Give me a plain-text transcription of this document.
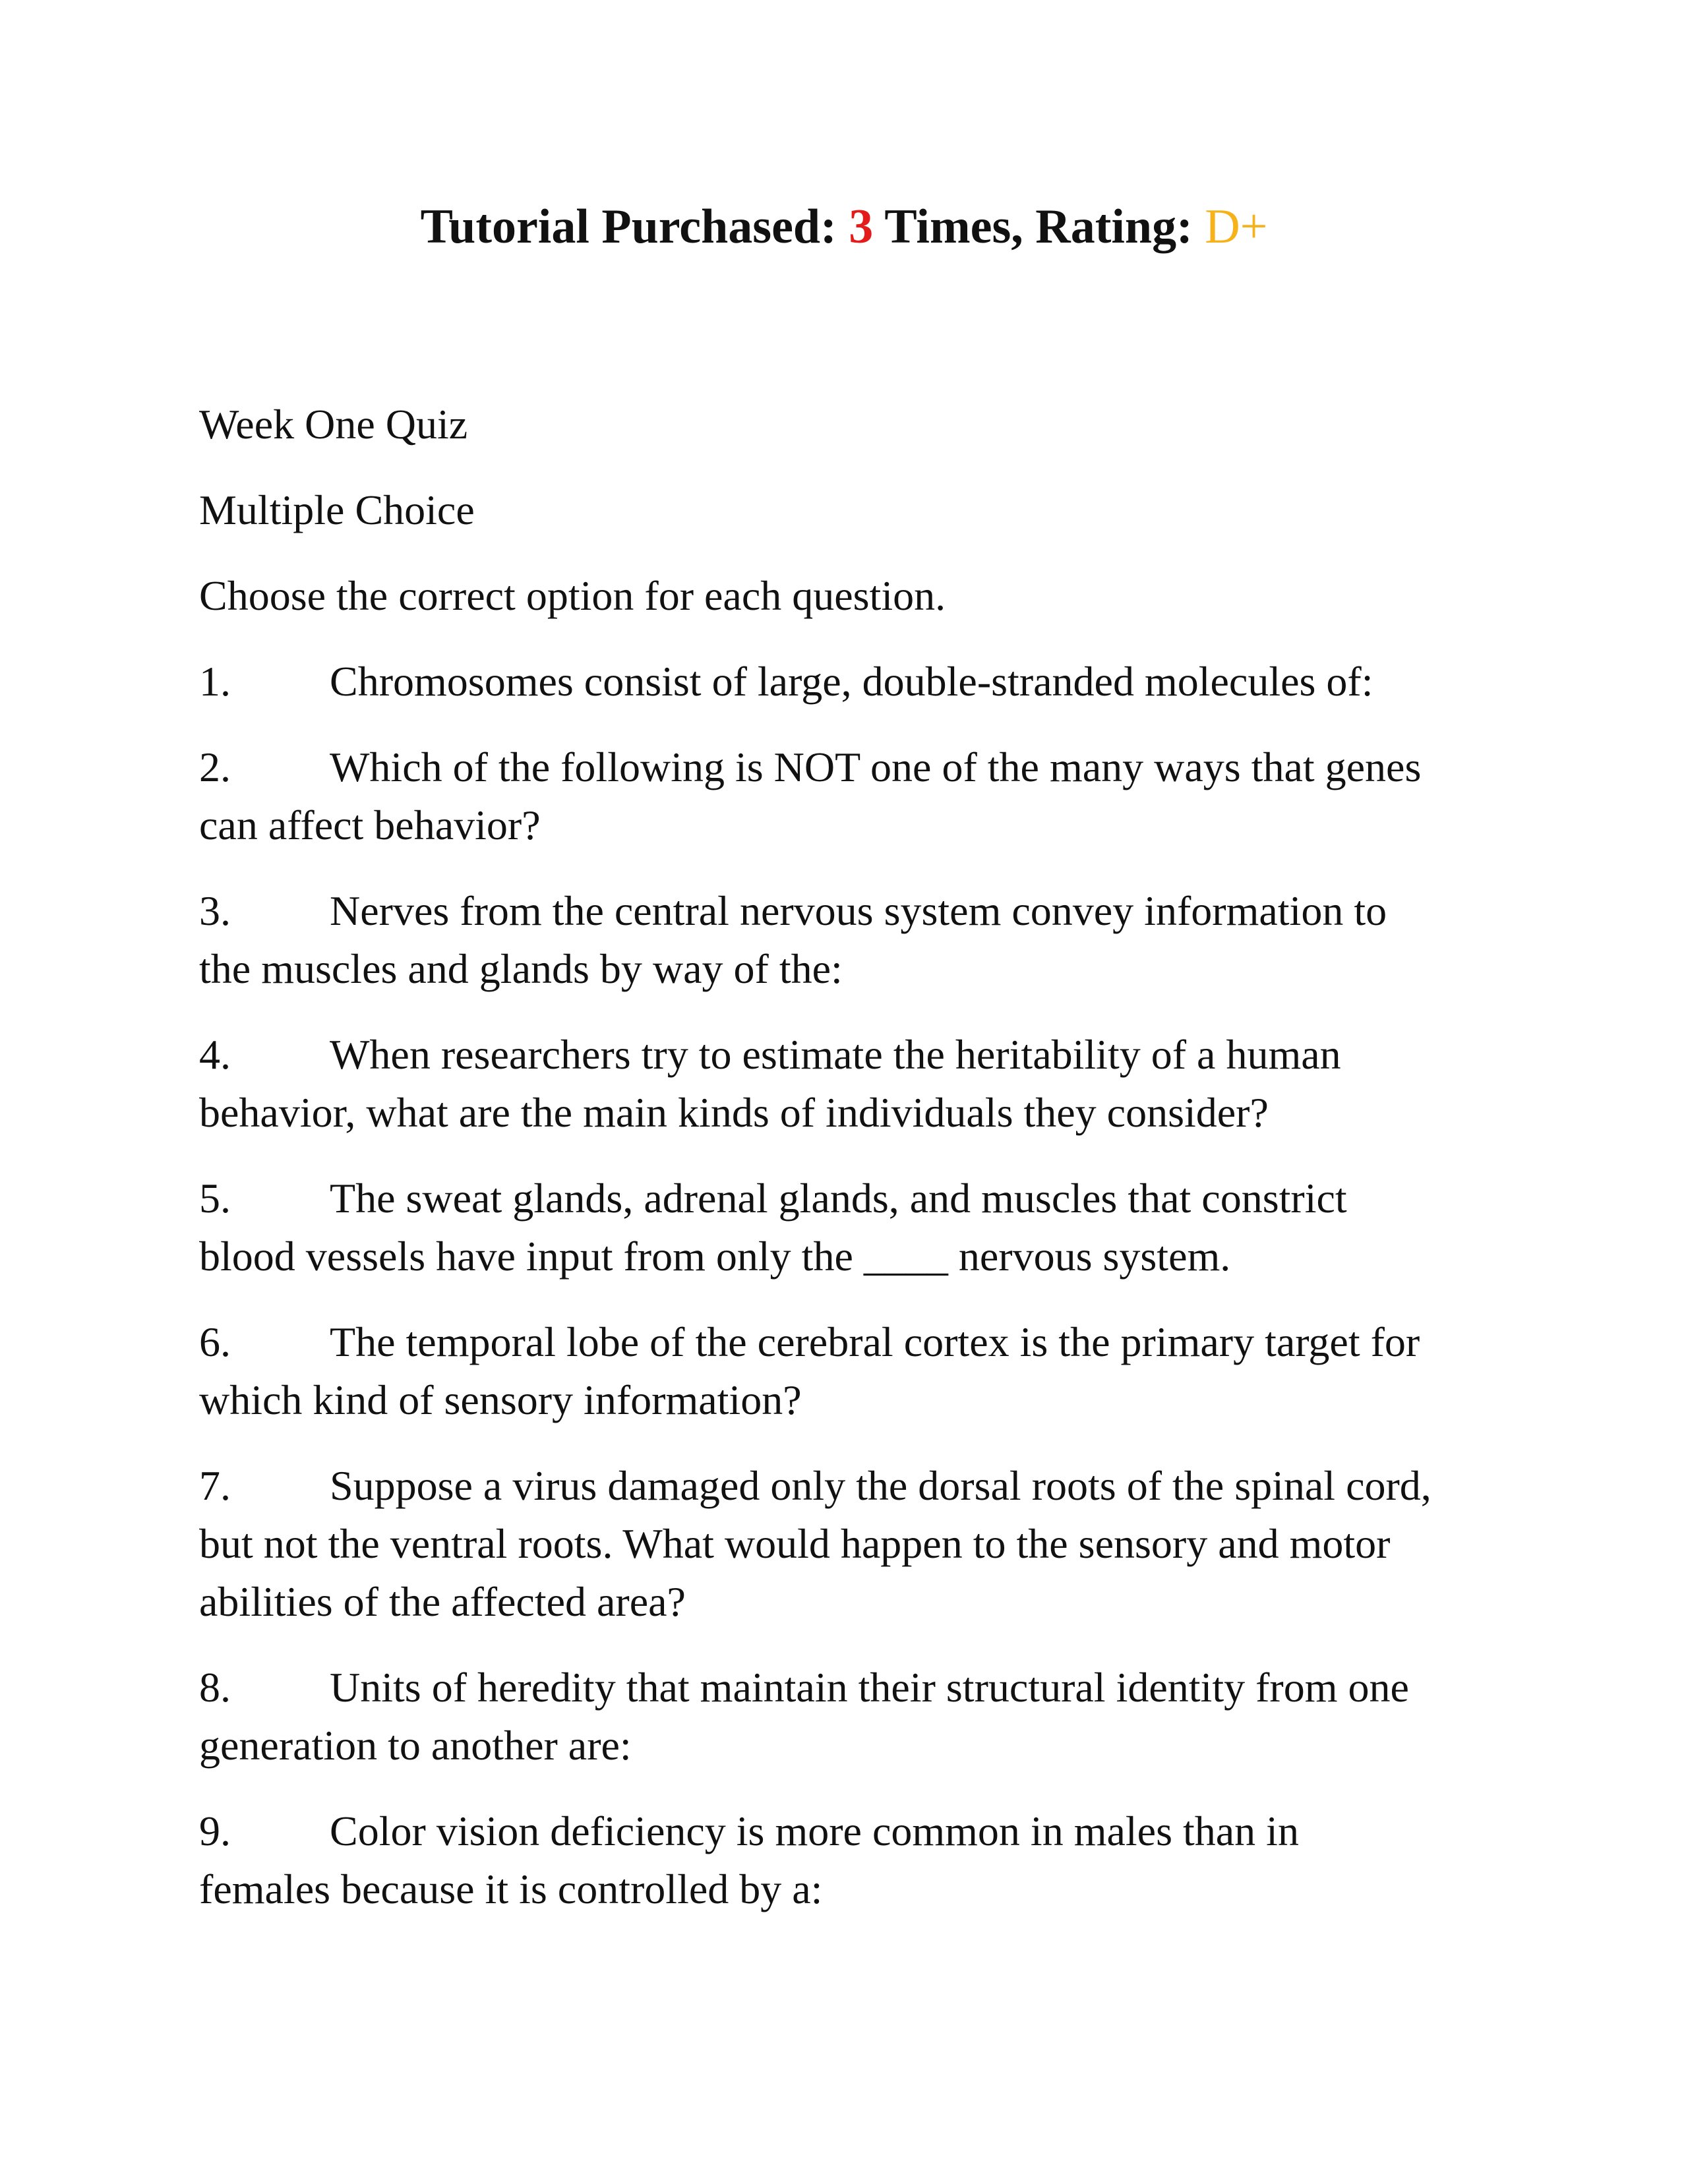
Tutorial Purchased: 3 Times, Rating: D+

Week One Quiz

Multiple Choice

Choose the correct option for each question.

1. Chromosomes consist of large, double-stranded molecules of:
2. Which of the following is NOT one of the many ways that genes
can affect behavior?
3. Nerves from the central nervous system convey information to
the muscles and glands by way of the:
4. When researchers try to estimate the heritability of a human
behavior, what are the main kinds of individuals they consider?
5. The sweat glands, adrenal glands, and muscles that constrict
blood vessels have input from only the ____ nervous system.
6. The temporal lobe of the cerebral cortex is the primary target for
which kind of sensory information?
7. Suppose a virus damaged only the dorsal roots of the spinal cord,
but not the ventral roots. What would happen to the sensory and motor
abilities of the affected area?
8. Units of heredity that maintain their structural identity from one
generation to another are:
9. Color vision deficiency is more common in males than in
females because it is controlled by a:
